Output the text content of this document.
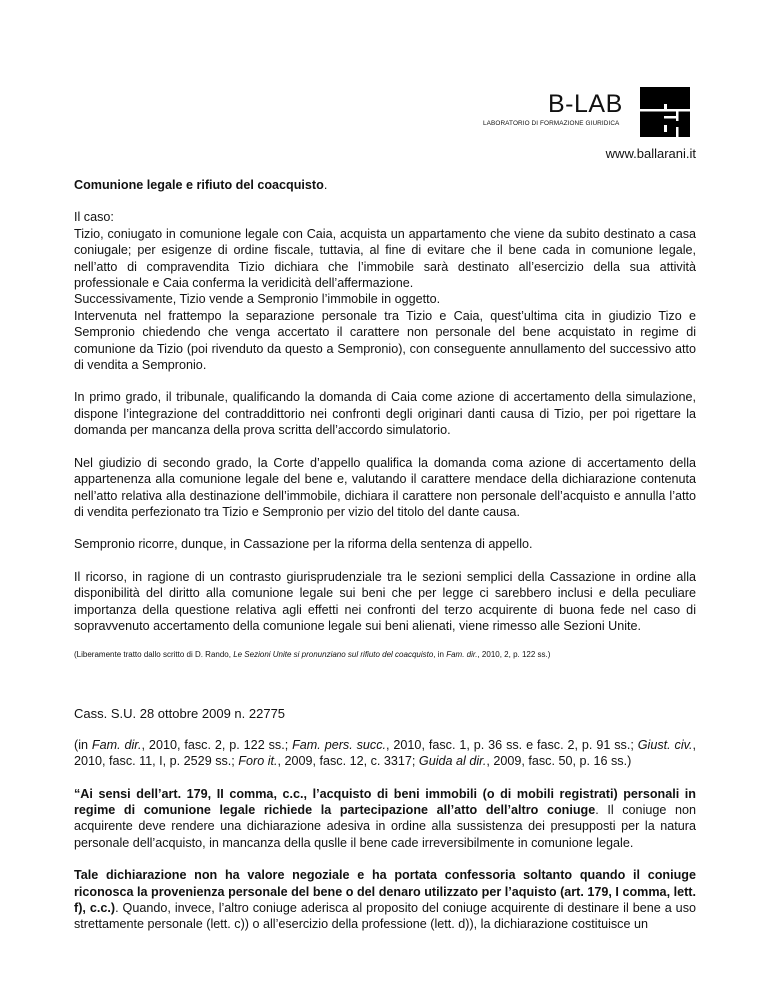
B-LAB
LABORATORIO DI FORMAZIONE GIURIDICA
www.ballarani.it

Comunione legale e rifiuto del coacquisto.

Il caso:

Tizio, coniugato in comunione legale con Caia, acquista un appartamento che viene da subito destinato a casa coniugale; per esigenze di ordine fiscale, tuttavia, al fine di evitare che il bene cada in comunione legale, nell’atto di compravendita Tizio dichiara che l’immobile sarà destinato all’esercizio della sua attività professionale e Caia conferma la veridicità dell’affermazione.

Successivamente, Tizio vende a Sempronio l’immobile in oggetto.

Intervenuta nel frattempo la separazione personale tra Tizio e Caia, quest’ultima cita in giudizio Tizo e Sempronio chiedendo che venga accertato il carattere non personale del bene acquistato in regime di comunione da Tizio (poi rivenduto da questo a Sempronio), con conseguente annullamento del successivo atto di vendita a Sempronio.

In primo grado, il tribunale, qualificando la domanda di Caia come azione di accertamento della simulazione, dispone l’integrazione del contraddittorio nei confronti degli originari danti causa di Tizio, per poi rigettare la domanda per mancanza della prova scritta dell’accordo simulatorio.

Nel giudizio di secondo grado, la Corte d’appello qualifica la domanda coma azione di accertamento della appartenenza alla comunione legale del bene e, valutando il carattere mendace della dichiarazione contenuta nell’atto relativa alla destinazione dell’immobile, dichiara il carattere non personale dell’acquisto e annulla l’atto di vendita perfezionato tra Tizio e Sempronio per vizio del titolo del dante causa.

Sempronio ricorre, dunque, in Cassazione per la riforma della sentenza di appello.

Il ricorso, in ragione di un contrasto giurisprudenziale tra le sezioni semplici della Cassazione in ordine alla disponibilità del diritto alla comunione legale sui beni che per legge ci sarebbero inclusi e della peculiare importanza della questione relativa agli effetti nei confronti del terzo acquirente di buona fede nel caso di sopravvenuto accertamento della comunione legale sui beni alienati, viene rimesso alle Sezioni Unite.

(Liberamente tratto dallo scritto di D. Rando, Le Sezioni Unite si pronunziano sul rifiuto del coacquisto, in Fam. dir., 2010, 2, p. 122 ss.)

Cass. S.U. 28 ottobre 2009 n. 22775

(in Fam. dir., 2010, fasc. 2, p. 122 ss.; Fam. pers. succ., 2010, fasc. 1, p. 36 ss. e fasc. 2, p. 91 ss.; Giust. civ., 2010, fasc. 11, I, p. 2529 ss.; Foro it., 2009, fasc. 12, c. 3317; Guida al dir., 2009, fasc. 50, p. 16 ss.)

“Ai sensi dell’art. 179, II comma, c.c., l’acquisto di beni immobili (o di mobili registrati) personali in regime di comunione legale richiede la partecipazione all’atto dell’altro coniuge. Il coniuge non acquirente deve rendere una dichiarazione adesiva in ordine alla sussistenza dei presupposti per la natura personale dell’acquisto, in mancanza della quslle il bene cade irreversibilmente in comunione legale.

Tale dichiarazione non ha valore negoziale e ha portata confessoria soltanto quando il coniuge riconosca la provenienza personale del bene o del denaro utilizzato per l’aquisto (art. 179, I comma, lett. f), c.c.). Quando, invece, l’altro coniuge aderisca al proposito del coniuge acquirente di destinare il bene a uso strettamente personale (lett. c)) o all’esercizio della professione (lett. d)), la dichiarazione costituisce un
